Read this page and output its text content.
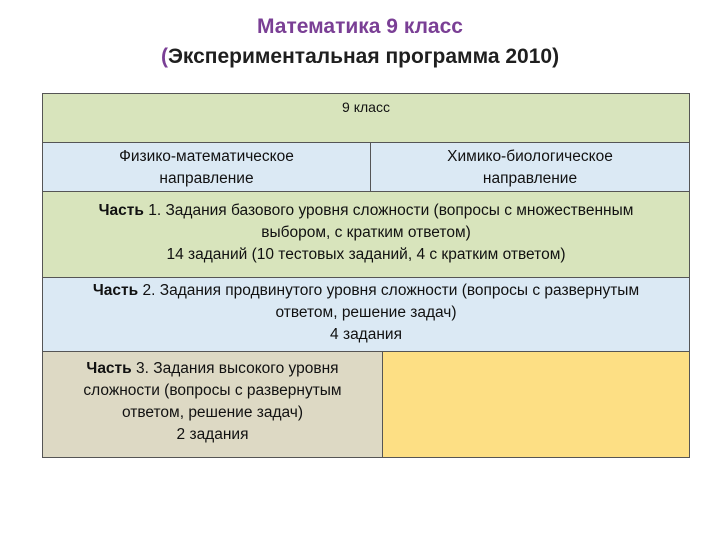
Математика 9 класс
(Экспериментальная программа 2010)
9 класс
Физико-математическое
направление
Химико-биологическое
направление
Часть 1. Задания базового уровня сложности (вопросы с множественным
выбором, с кратким ответом)
14 заданий (10 тестовых заданий, 4 с кратким ответом)
Часть 2. Задания продвинутого уровня сложности (вопросы с развернутым
ответом, решение задач)
4 задания
Часть 3. Задания высокого уровня
сложности (вопросы с развернутым
ответом, решение задач)
2 задания
